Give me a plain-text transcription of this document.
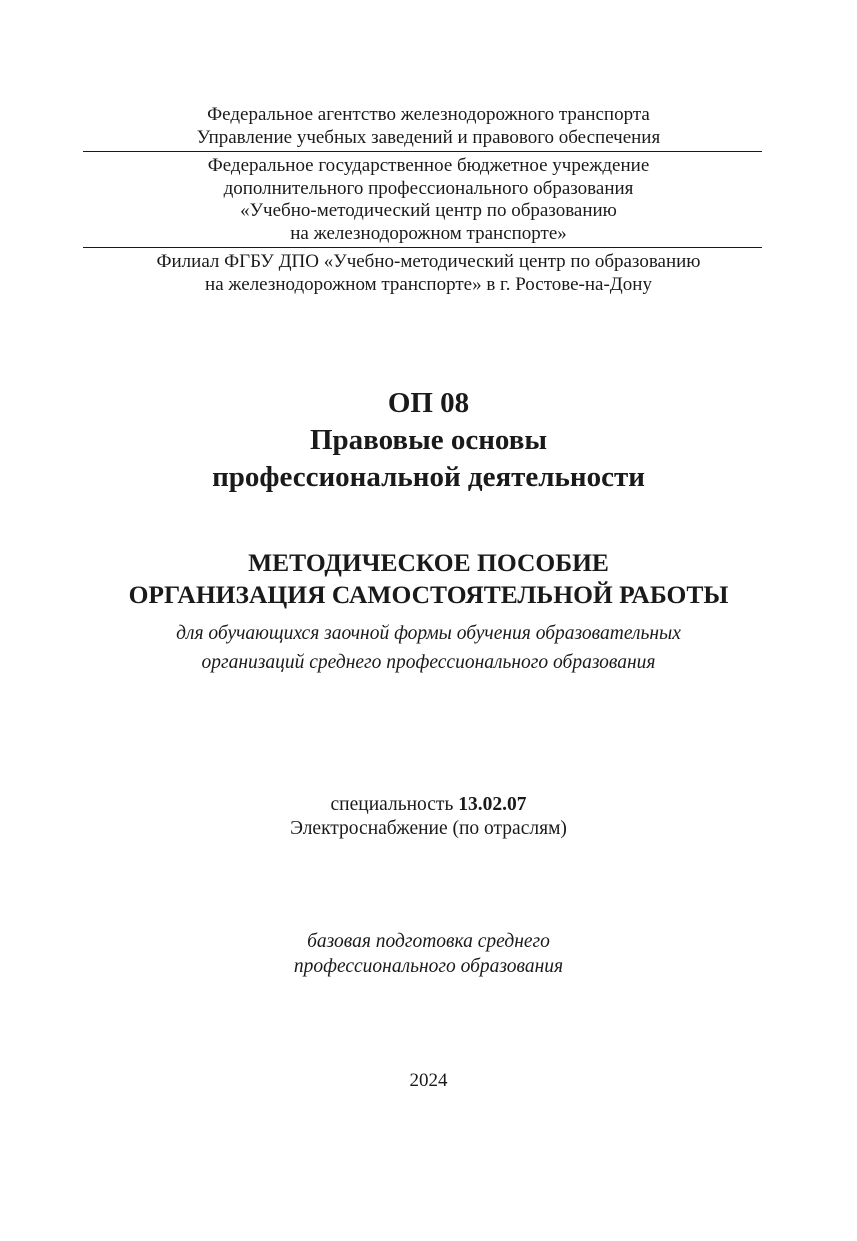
Федеральное агентство железнодорожного транспорта
Управление учебных заведений и правового обеспечения
Федеральное государственное бюджетное учреждение
дополнительного профессионального образования
«Учебно-методический центр по образованию
на железнодорожном транспорте»
Филиал ФГБУ ДПО «Учебно-методический центр по образованию
на железнодорожном транспорте» в г. Ростове-на-Дону
ОП 08
Правовые основы
профессиональной деятельности
МЕТОДИЧЕСКОЕ ПОСОБИЕ
ОРГАНИЗАЦИЯ САМОСТОЯТЕЛЬНОЙ РАБОТЫ
для обучающихся заочной формы обучения образовательных
организаций среднего профессионального образования
специальность 13.02.07
Электроснабжение (по отраслям)
базовая подготовка среднего
профессионального образования
2024
